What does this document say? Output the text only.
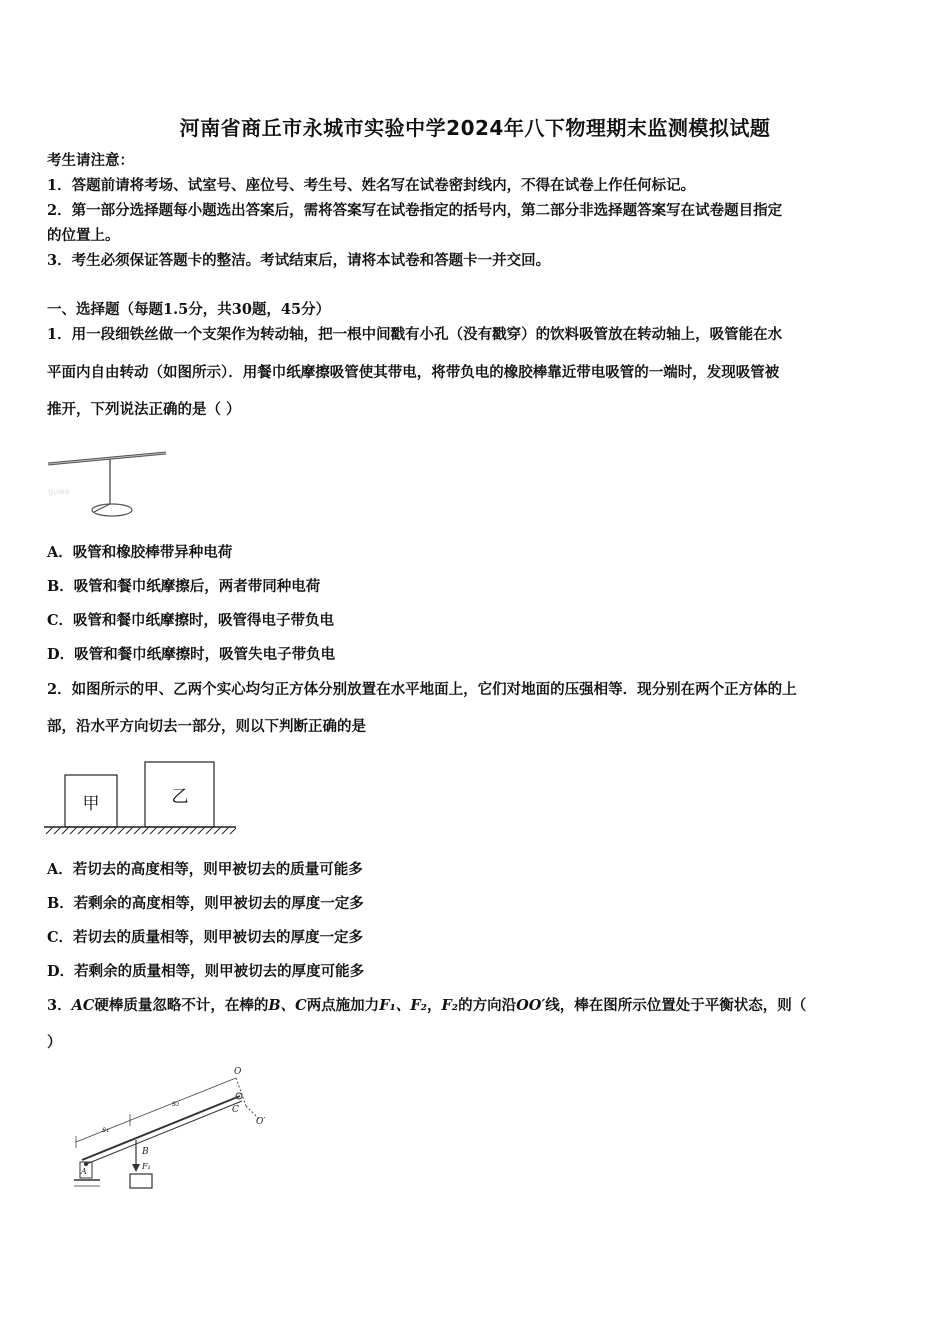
河南省商丘市永城市实验中学2024年八下物理期末监测模拟试题
考生请注意：
1．答题前请将考场、试室号、座位号、考生号、姓名写在试卷密封线内，不得在试卷上作任何标记。
2．第一部分选择题每小题选出答案后，需将答案写在试卷指定的括号内，第二部分非选择题答案写在试卷题目指定
的位置上。
3．考生必须保证答题卡的整洁。考试结束后，请将本试卷和答题卡一并交回。
一、选择题（每题1.5分，共30题，45分）
1．用一段细铁丝做一个支架作为转动轴，把一根中间戳有小孔（没有戳穿）的饮料吸管放在转动轴上，吸管能在水
平面内自由转动（如图所示）．用餐巾纸摩擦吸管使其带电，将带负电的橡胶棒靠近带电吸管的一端时，发现吸管被
推开，下列说法正确的是（ ）
guwe
A．吸管和橡胶棒带异种电荷
B．吸管和餐巾纸摩擦后，两者带同种电荷
C．吸管和餐巾纸摩擦时，吸管得电子带负电
D．吸管和餐巾纸摩擦时，吸管失电子带负电
2．如图所示的甲、乙两个实心均匀正方体分别放置在水平地面上，它们对地面的压强相等．现分别在两个正方体的上
部，沿水平方向切去一部分，则以下判断正确的是
甲	乙
A．若切去的高度相等，则甲被切去的质量可能多
B．若剩余的高度相等，则甲被切去的厚度一定多
C．若切去的质量相等，则甲被切去的厚度一定多
D．若剩余的质量相等，则甲被切去的厚度可能多
3．AC硬棒质量忽略不计，在棒的B、C两点施加力F₁、F₂，F₂的方向沿OO′线，棒在图所示位置处于平衡状态，则（
）
O
O′
C
B
A
F₁
s₁
s₂
